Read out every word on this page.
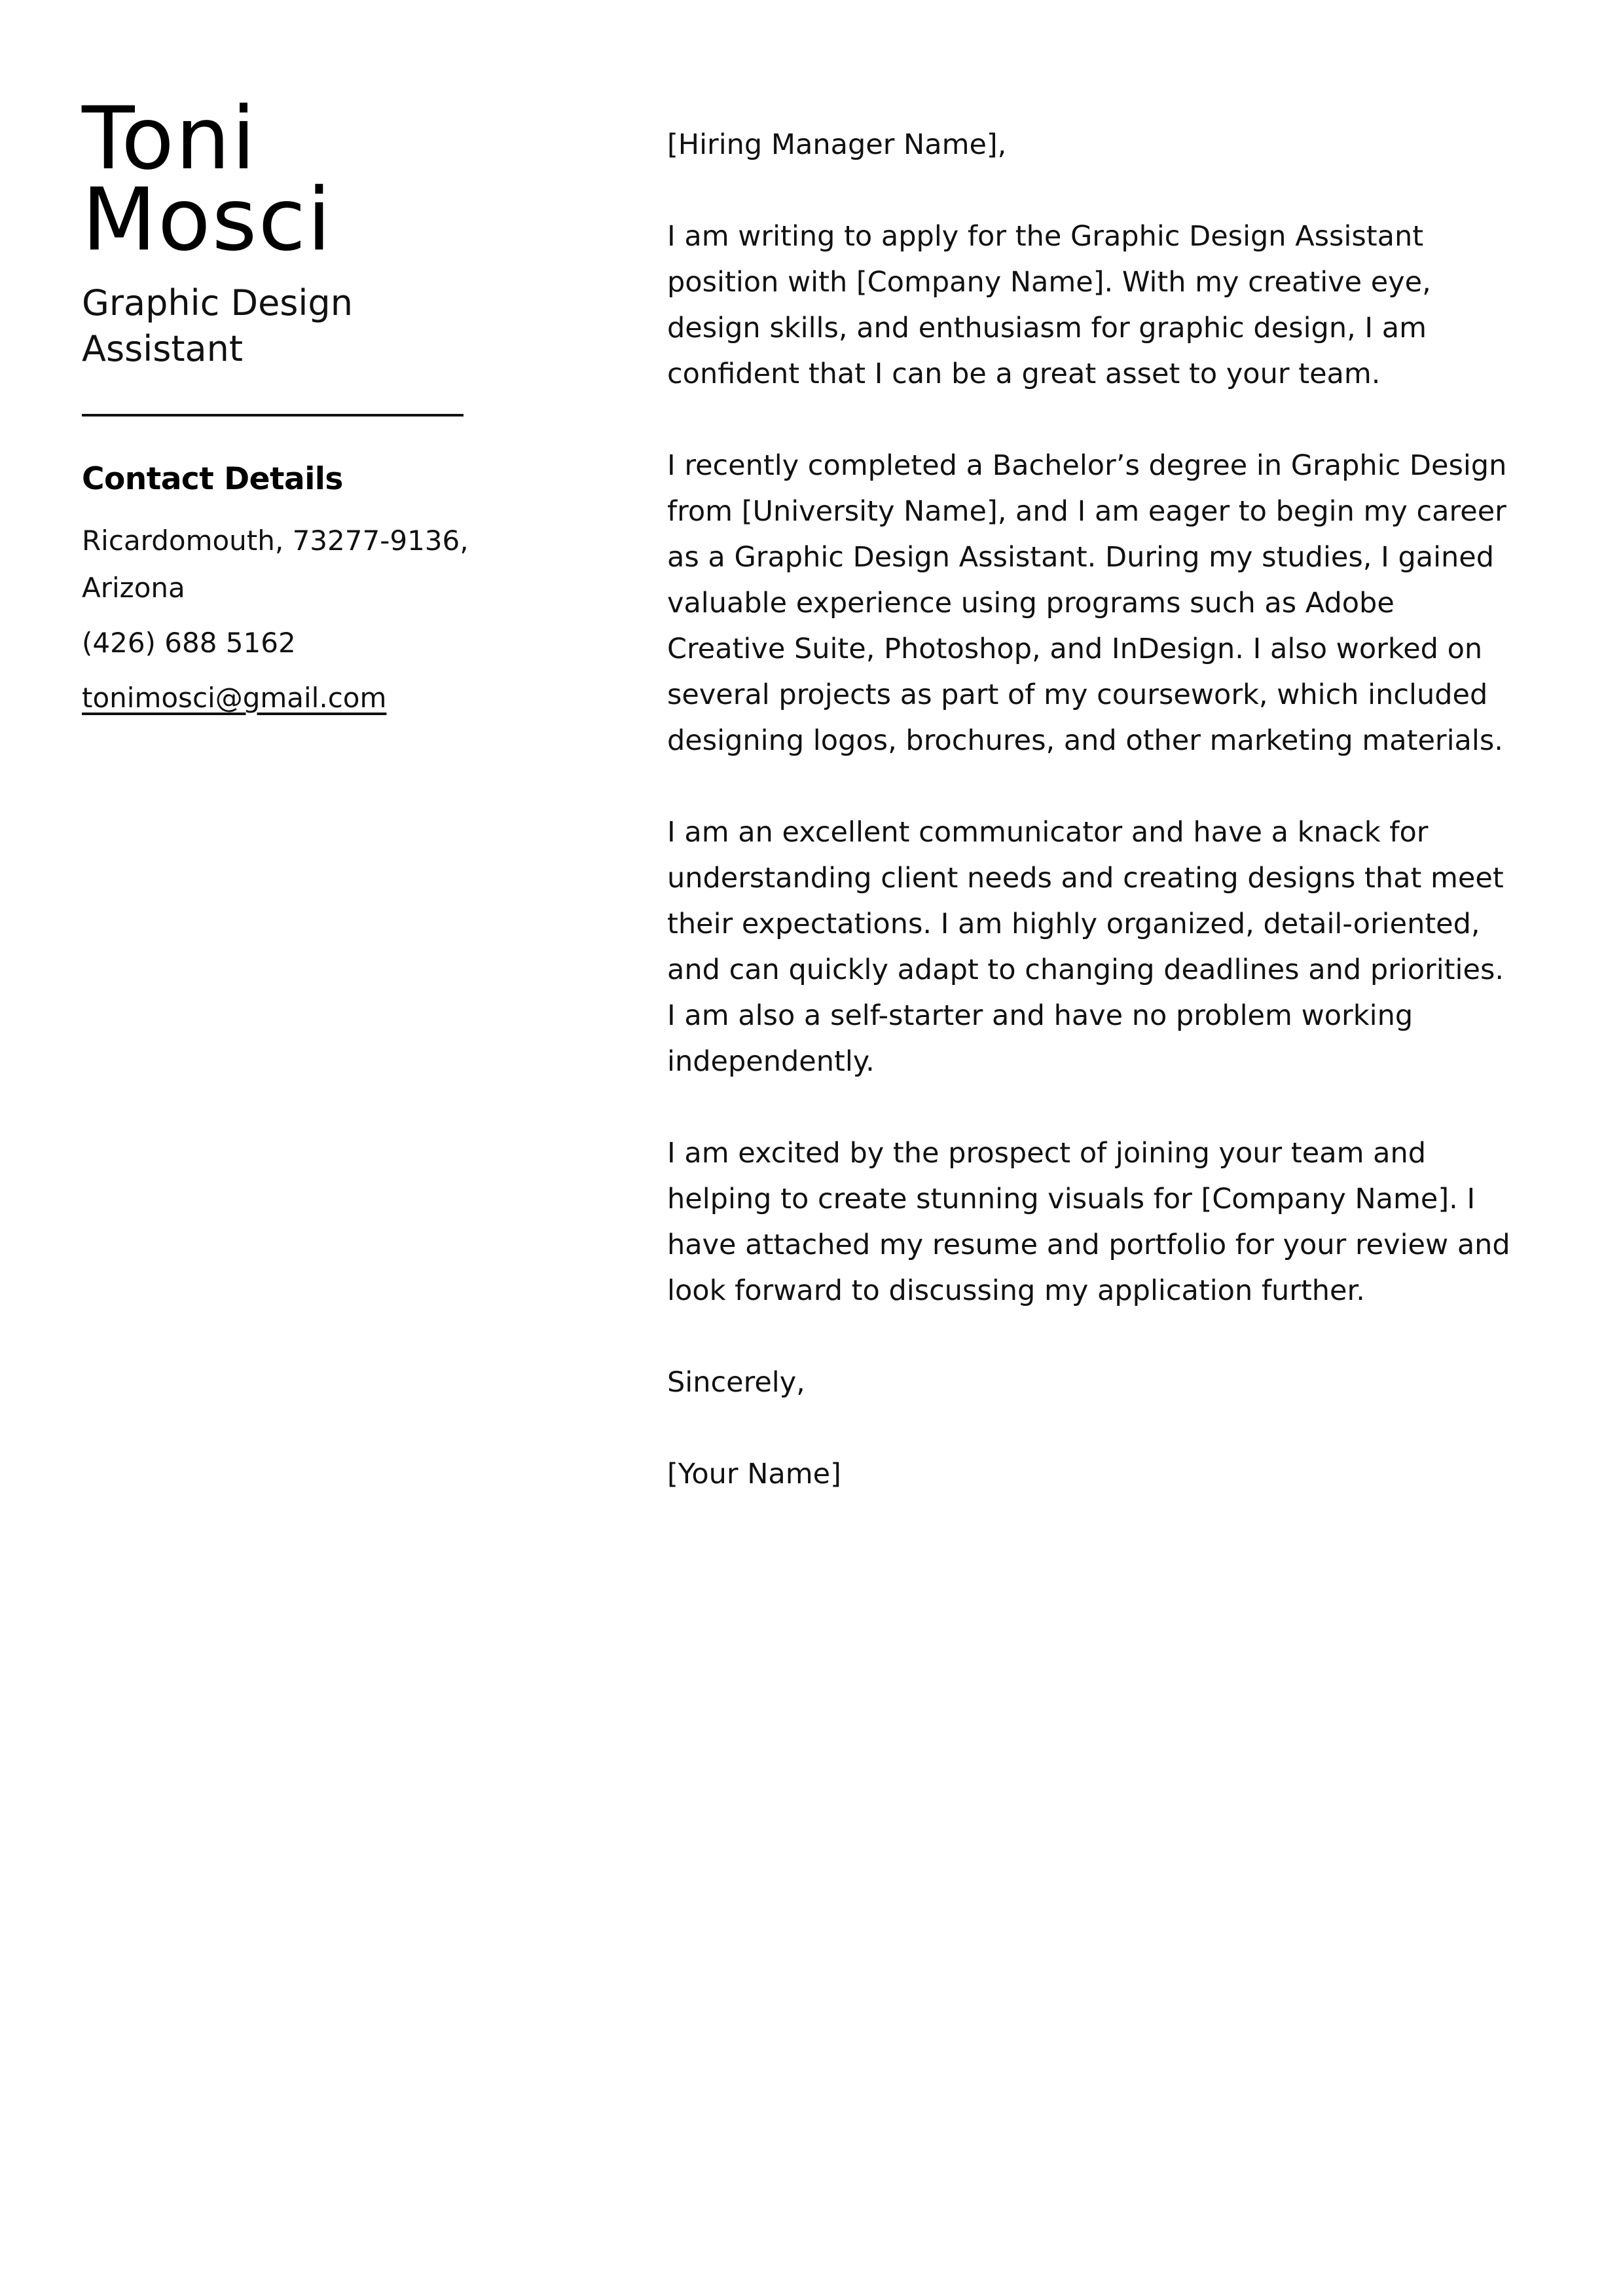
Toni
Mosci
Graphic Design Assistant
Contact Details
Ricardomouth, 73277-9136, Arizona
(426) 688 5162
tonimosci@gmail.com

[Hiring Manager Name],

I am writing to apply for the Graphic Design Assistant position with [Company Name]. With my creative eye, design skills, and enthusiasm for graphic design, I am confident that I can be a great asset to your team.

I recently completed a Bachelor’s degree in Graphic Design from [University Name], and I am eager to begin my career as a Graphic Design Assistant. During my studies, I gained valuable experience using programs such as Adobe Creative Suite, Photoshop, and InDesign. I also worked on several projects as part of my coursework, which included designing logos, brochures, and other marketing materials.

I am an excellent communicator and have a knack for understanding client needs and creating designs that meet their expectations. I am highly organized, detail-oriented, and can quickly adapt to changing deadlines and priorities. I am also a self-starter and have no problem working independently.

I am excited by the prospect of joining your team and helping to create stunning visuals for [Company Name]. I have attached my resume and portfolio for your review and look forward to discussing my application further.

Sincerely,

[Your Name]
